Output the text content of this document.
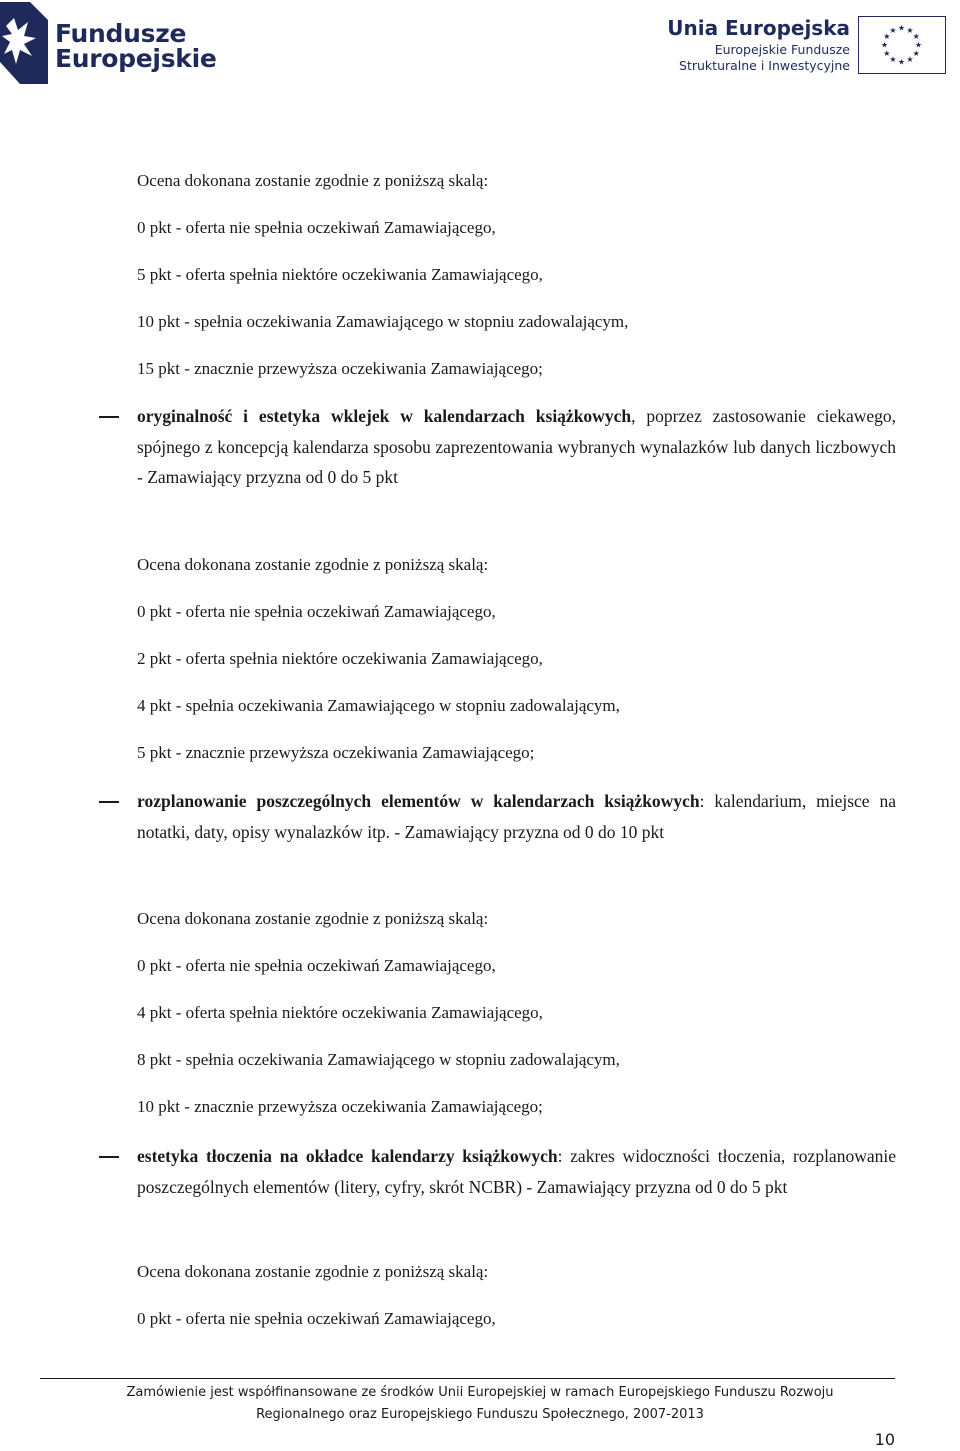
Fundusze
Europejskie
Unia Europejska
Europejskie Fundusze
Strukturalne i Inwestycyjne
★
★
★
★
★
★
★
★
★ ★ ★
★
Ocena dokonana zostanie zgodnie z poniższą skalą:
0 pkt - oferta nie spełnia oczekiwań Zamawiającego,
5 pkt - oferta spełnia niektóre oczekiwania Zamawiającego,
10 pkt - spełnia oczekiwania Zamawiającego w stopniu zadowalającym,
15 pkt - znacznie przewyższa oczekiwania Zamawiającego;
oryginalność i estetyka wklejek w kalendarzach książkowych, poprzez zastosowanie ciekawego, spójnego z koncepcją kalendarza sposobu zaprezentowania wybranych wynalazków lub danych liczbowych - Zamawiający przyzna od 0 do 5 pkt
Ocena dokonana zostanie zgodnie z poniższą skalą:
0 pkt - oferta nie spełnia oczekiwań Zamawiającego,
2 pkt - oferta spełnia niektóre oczekiwania Zamawiającego,
4 pkt - spełnia oczekiwania Zamawiającego w stopniu zadowalającym,
5 pkt - znacznie przewyższa oczekiwania Zamawiającego;
rozplanowanie poszczególnych elementów w kalendarzach książkowych: kalendarium, miejsce na notatki, daty, opisy wynalazków itp. - Zamawiający przyzna od 0 do 10 pkt
Ocena dokonana zostanie zgodnie z poniższą skalą:
0 pkt - oferta nie spełnia oczekiwań Zamawiającego,
4 pkt - oferta spełnia niektóre oczekiwania Zamawiającego,
8 pkt - spełnia oczekiwania Zamawiającego w stopniu zadowalającym,
10 pkt - znacznie przewyższa oczekiwania Zamawiającego;
estetyka tłoczenia na okładce kalendarzy książkowych: zakres widoczności tłoczenia, rozplanowanie poszczególnych elementów (litery, cyfry, skrót NCBR) - Zamawiający przyzna od 0 do 5 pkt
Ocena dokonana zostanie zgodnie z poniższą skalą:
0 pkt - oferta nie spełnia oczekiwań Zamawiającego,
Zamówienie jest współfinansowane ze środków Unii Europejskiej w ramach Europejskiego Funduszu Rozwoju
Regionalnego oraz Europejskiego Funduszu Społecznego, 2007-2013
10
